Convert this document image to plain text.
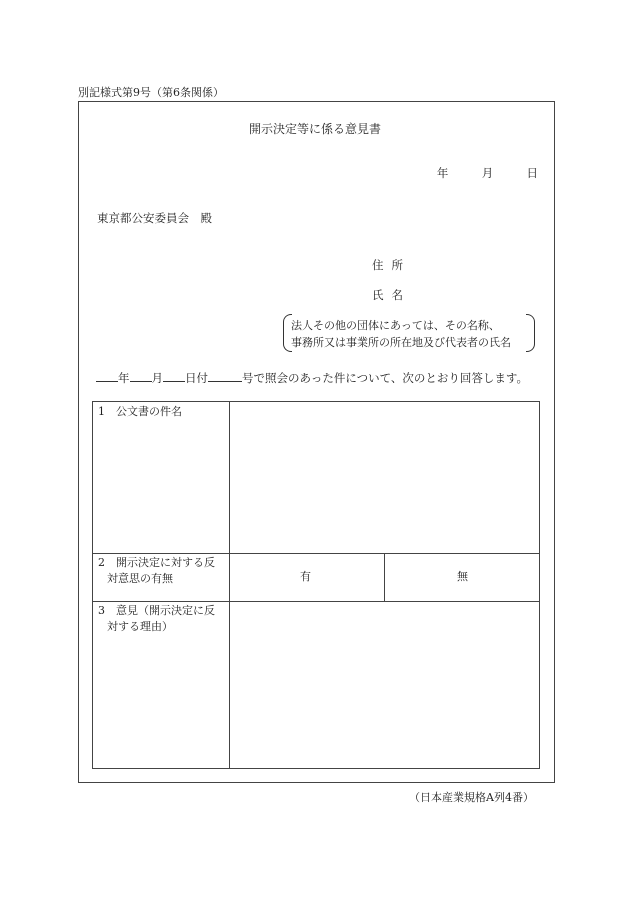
別記様式第9号（第6条関係）
開示決定等に係る意見書
年	月	日
東京都公安委員会　殿
住所
氏名
法人その他の団体にあっては、その名称、
事務所又は事業所の所在地及び代表者の氏名
年 月 日付	号で照会のあった件について、次のとおり回答します。
1　公文書の件名
2　開示決定に対する反
対意思の有無	有	無
3　意見（開示決定に反
対する理由）
（日本産業規格A列4番）
